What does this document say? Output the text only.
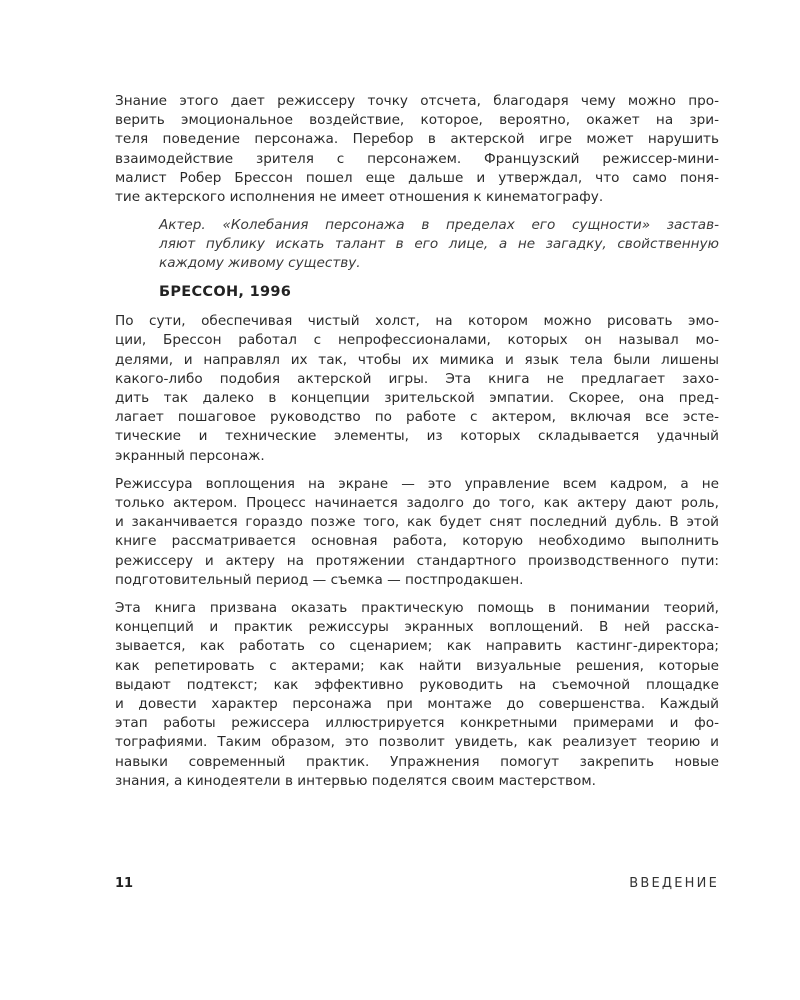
Знание этого дает режиссеру точку отсчета, благодаря чему можно про-
верить эмоциональное воздействие, которое, вероятно, окажет на зри-
теля поведение персонажа. Перебор в актерской игре может нарушить
взаимодействие зрителя с персонажем. Французский режиссер-мини-
малист Робер Брессон пошел еще дальше и утверждал, что само поня-
тие актерского исполнения не имеет отношения к кинематографу.
Актер. «Колебания персонажа в пределах его сущности» застав-
ляют публику искать талант в его лице, а не загадку, свойственную
каждому живому существу.
БРЕССОН, 1996
По сути, обеспечивая чистый холст, на котором можно рисовать эмо-
ции, Брессон работал с непрофессионалами, которых он называл мо-
делями, и направлял их так, чтобы их мимика и язык тела были лишены
какого-либо подобия актерской игры. Эта книга не предлагает захо-
дить так далеко в концепции зрительской эмпатии. Скорее, она пред-
лагает пошаговое руководство по работе с актером, включая все эсте-
тические и технические элементы, из которых складывается удачный
экранный персонаж.
Режиссура воплощения на экране — это управление всем кадром, а не
только актером. Процесс начинается задолго до того, как актеру дают роль,
и заканчивается гораздо позже того, как будет снят последний дубль. В этой
книге рассматривается основная работа, которую необходимо выполнить
режиссеру и актеру на протяжении стандартного производственного пути:
подготовительный период — съемка — постпродакшен.
Эта книга призвана оказать практическую помощь в понимании теорий,
концепций и практик режиссуры экранных воплощений. В ней расска-
зывается, как работать со сценарием; как направить кастинг-директора;
как репетировать с актерами; как найти визуальные решения, которые
выдают подтекст; как эффективно руководить на съемочной площадке
и довести характер персонажа при монтаже до совершенства. Каждый
этап работы режиссера иллюстрируется конкретными примерами и фо-
тографиями. Таким образом, это позволит увидеть, как реализует теорию и
навыки современный практик. Упражнения помогут закрепить новые
знания, а кинодеятели в интервью поделятся своим мастерством.
11	ВВЕДЕНИЕ
